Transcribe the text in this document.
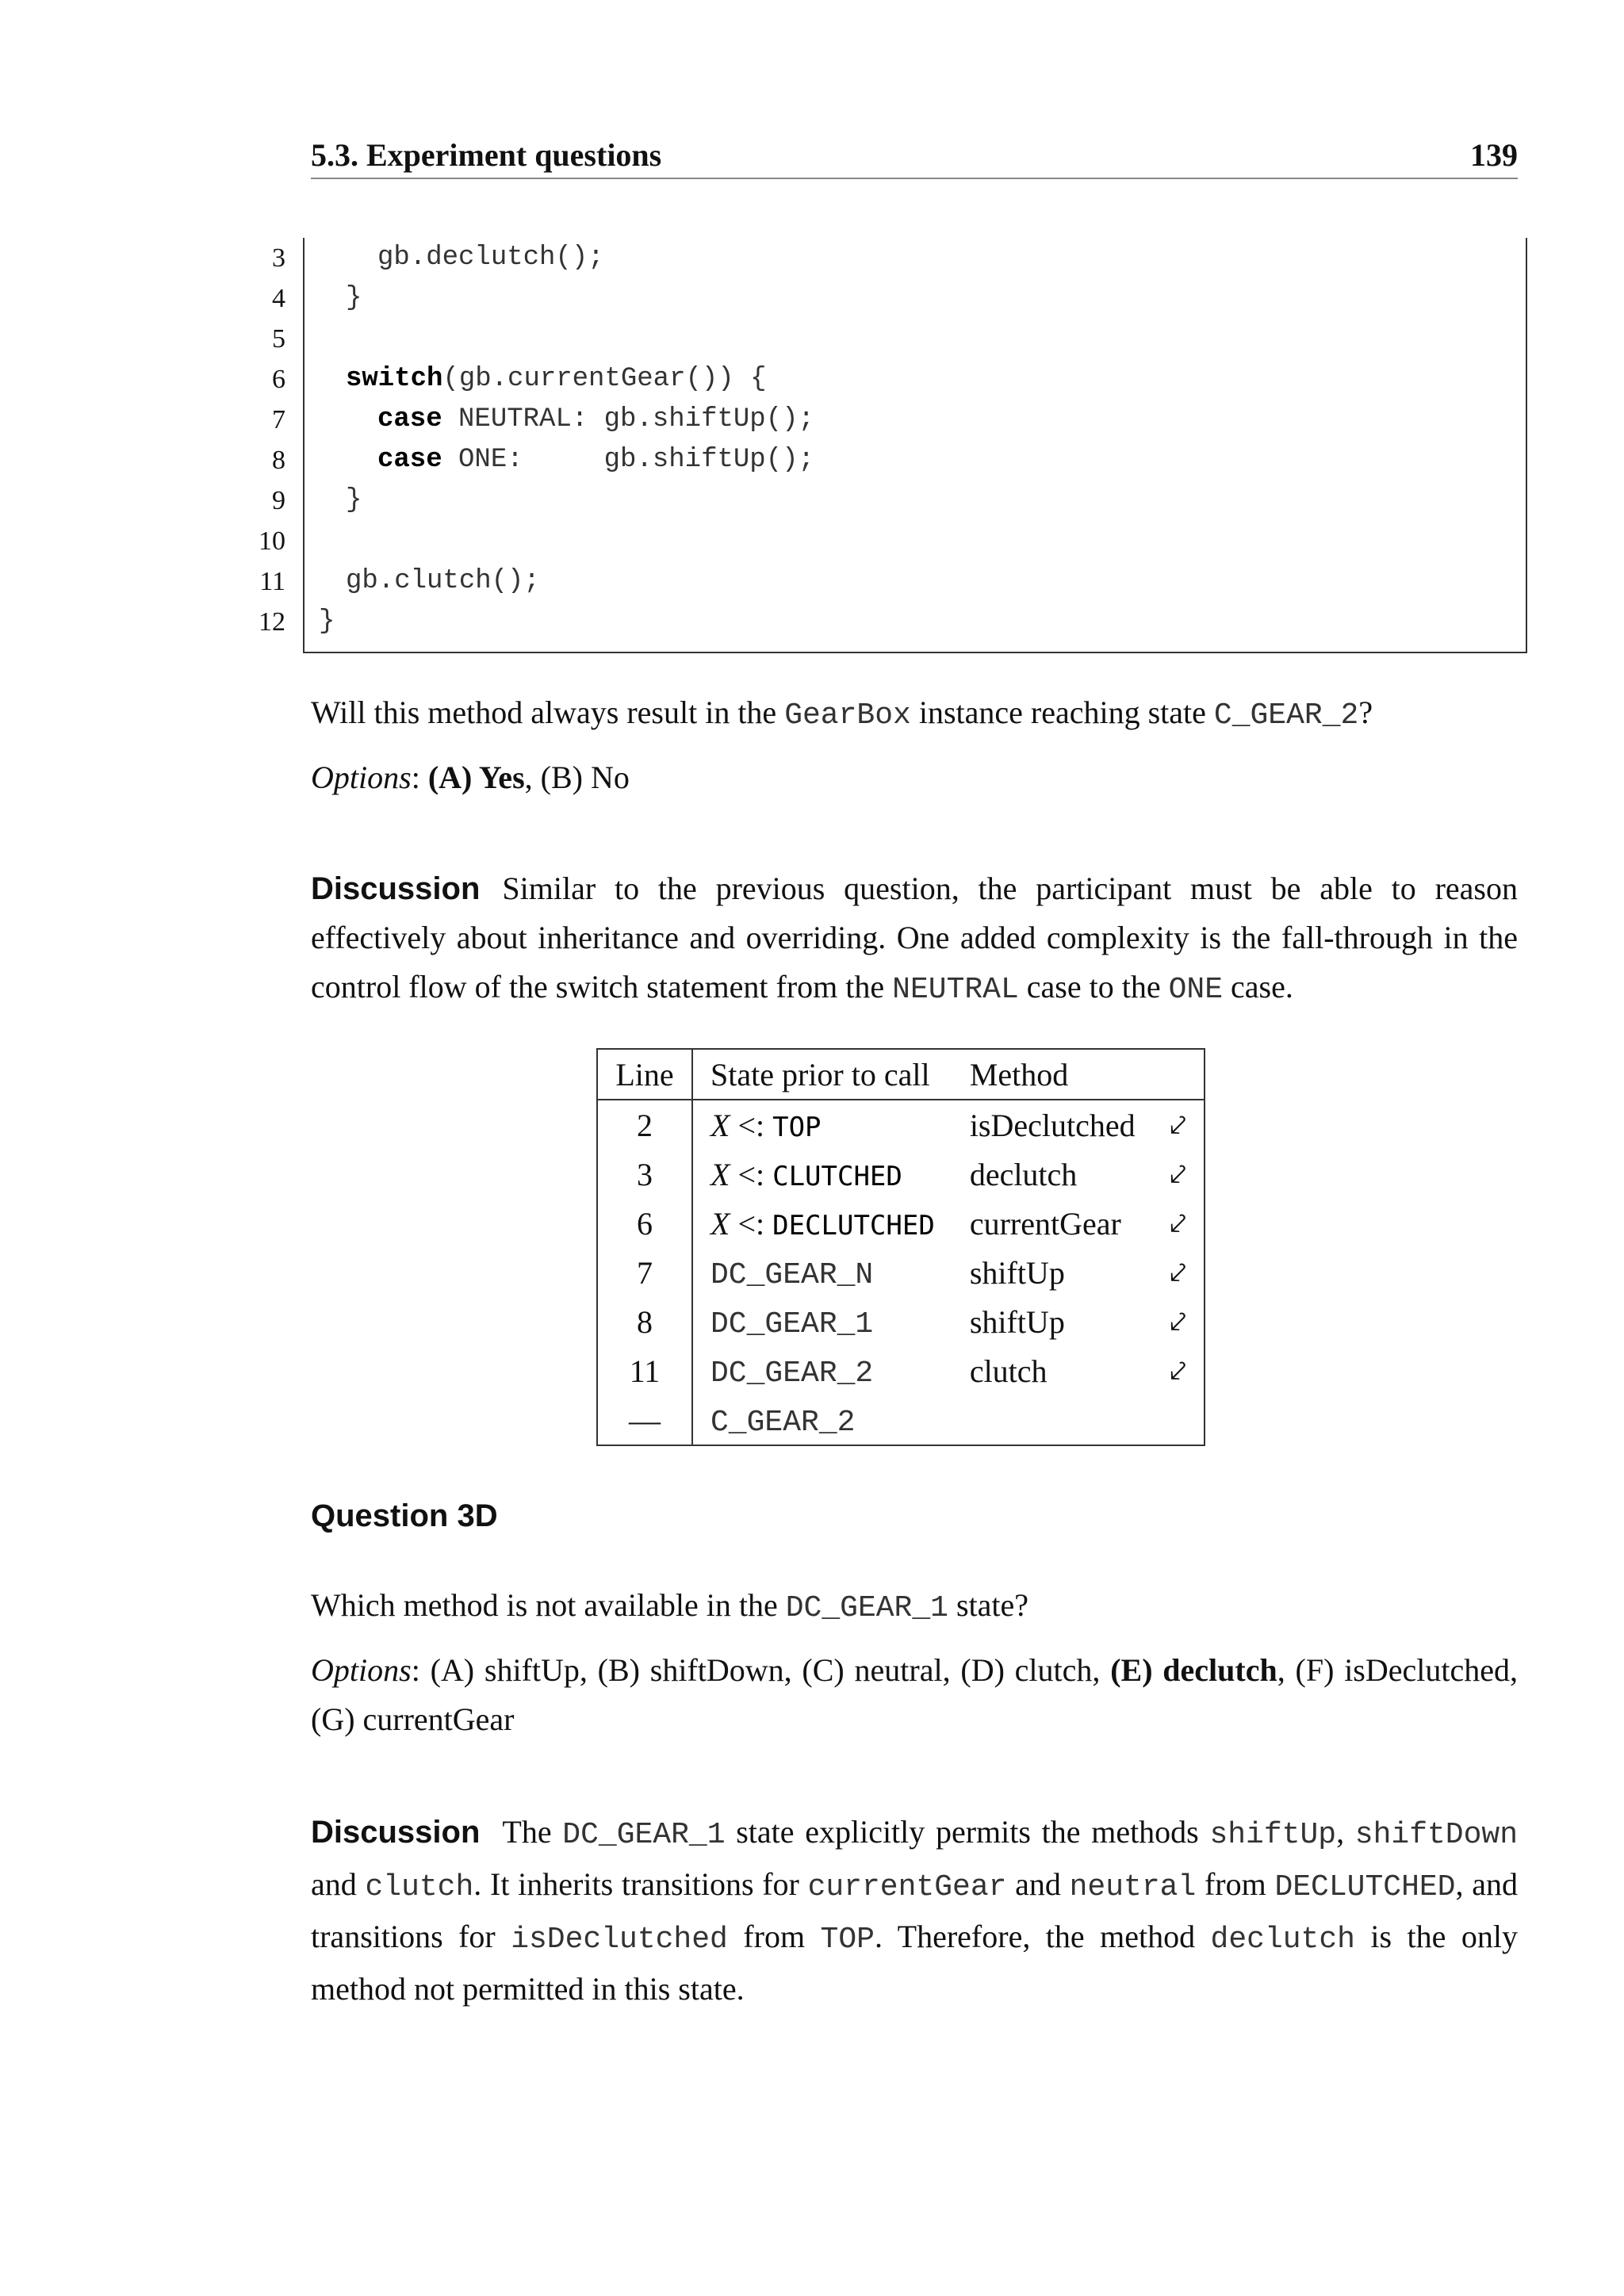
5.3. Experiment questions	139
3	gb.declutch();
4 }
5
6 switch(gb.currentGear()) {
7	case NEUTRAL: gb.shiftUp();
8	case ONE:     gb.shiftUp();
9 }
10
11 gb.clutch();
12 }

Will this method always result in the GearBox instance reaching state C_GEAR_2?

Options: (A) Yes, (B) No

Discussion Similar to the previous question, the participant must be able to reason effectively about inheritance and overriding. One added complexity is the fall-through in the control flow of the switch statement from the NEUTRAL case to the ONE case.

Line	State prior to call	Method	
2	X <: TOP	isDeclutched	⤦
3	X <: CLUTCHED	declutch	⤦
6	X <: DECLUTCHED	currentGear	⤦
7	DC_GEAR_N	shiftUp	⤦
8	DC_GEAR_1	shiftUp	⤦
11	DC_GEAR_2	clutch	⤦
—	C_GEAR_2		
Question 3D

Which method is not available in the DC_GEAR_1 state?

Options: (A) shiftUp, (B) shiftDown, (C) neutral, (D) clutch, (E) declutch, (F) isDeclutched, (G) currentGear

Discussion The DC_GEAR_1 state explicitly permits the methods shiftUp, shiftDown and clutch. It inherits transitions for currentGear and neutral from DECLUTCHED, and transitions for isDeclutched from TOP. Therefore, the method declutch is the only method not permitted in this state.
